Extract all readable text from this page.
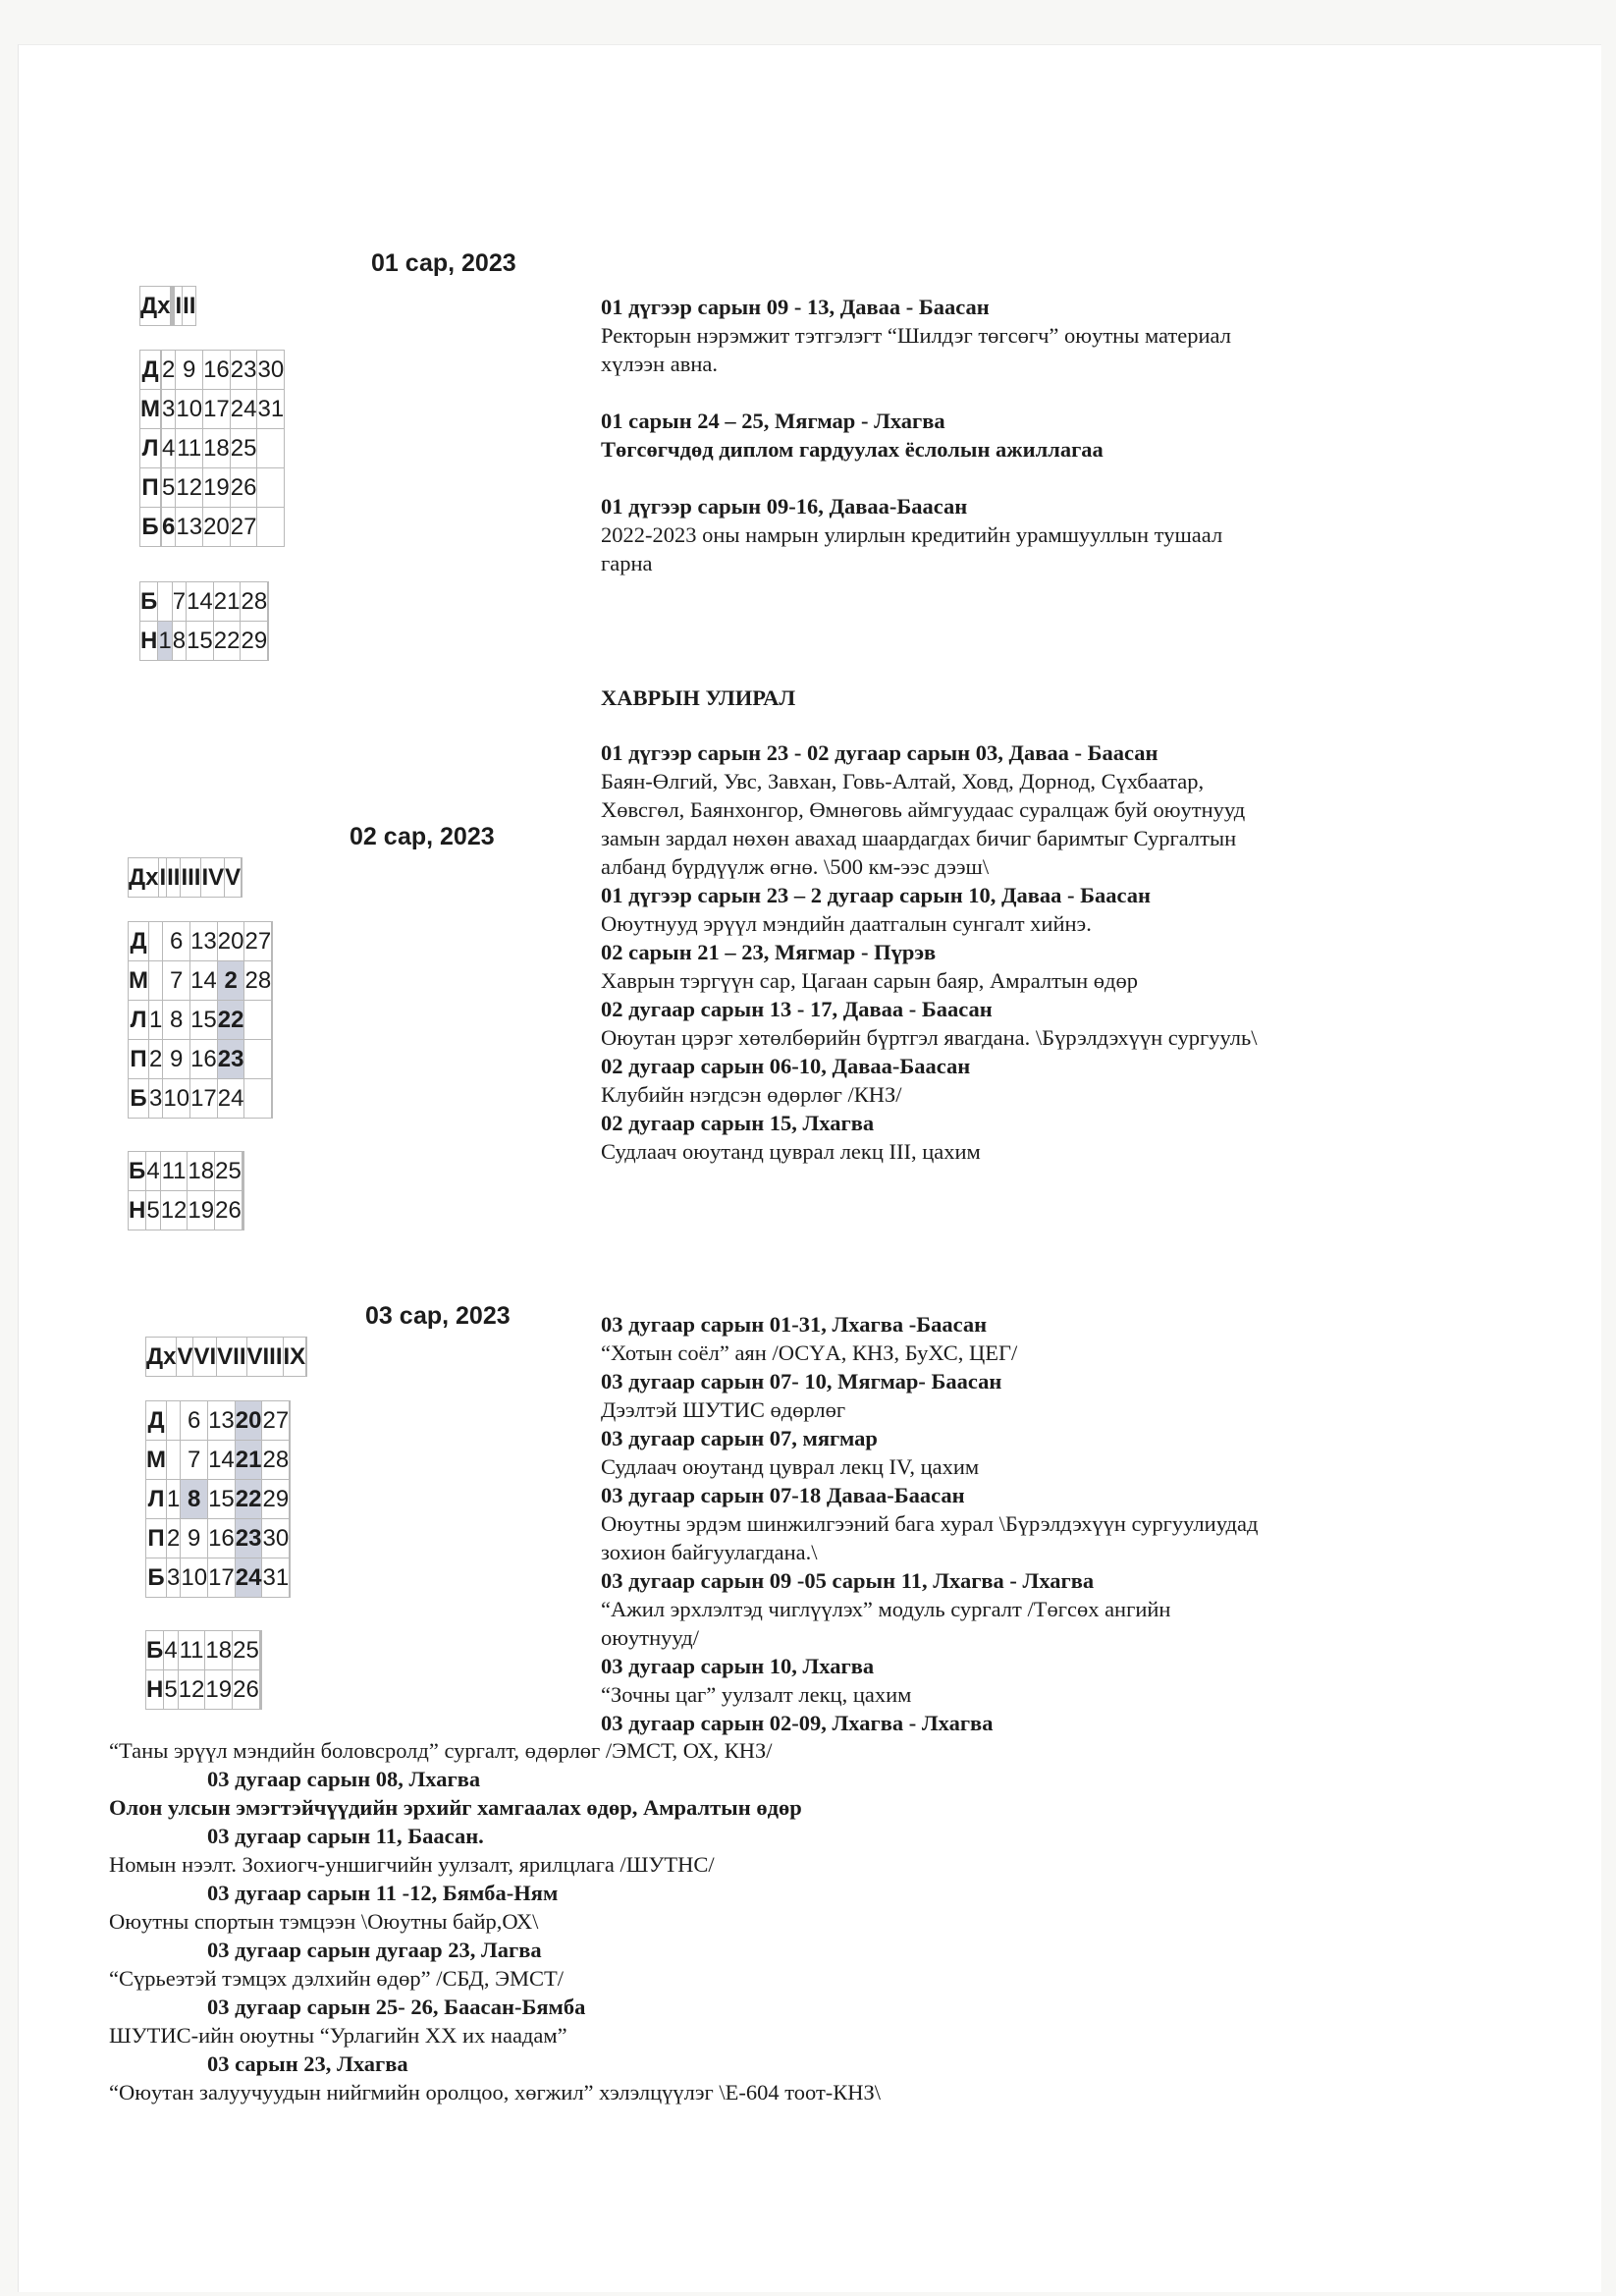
01 сар, 2023
Дх					I	II
Д		2	9	16	23	30
М		3	10	17	24	31
Л		4	11	18	25	
П		5	12	19	26	
Б		6	13	20	27	
Б		7	14	21	28	
Н	1	8	15	22	29	
02 сар, 2023
Дх	I	II	III	IV	V	
Д		6	13	20	27	
М		7	14	2	28	
Л	1	8	15	22		
П	2	9	16	23		
Б	3	10	17	24		
Б	4	11	18	25		
Н	5	12	19	26		
03 сар, 2023
Дх	V	VI	VII	VIII	IX	
Д		6	13	20	27	
М		7	14	21	28	
Л	1	8	15	22	29	
П	2	9	16	23	30	
Б	3	10	17	24	31	
Б	4	11	18	25		
Н	5	12	19	26		
01 дүгээр сарын 09 - 13, Даваа - Баасан
Ректорын нэрэмжит тэтгэлэгт “Шилдэг төгсөгч” оюутны материал
хүлээн авна.
01 сарын 24 – 25, Мягмар - Лхагва
Төгсөгчдөд диплом гардуулах ёслолын ажиллагаа
01 дүгээр сарын 09-16, Даваа-Баасан
2022-2023 оны намрын улирлын кредитийн урамшууллын тушаал
гарна
ХАВРЫН УЛИРАЛ
01 дүгээр сарын 23 - 02 дугаар сарын 03, Даваа - Баасан
Баян-Өлгий, Увс, Завхан, Говь-Алтай, Ховд, Дорнод, Сүхбаатар,
Хөвсгөл, Баянхонгор, Өмнөговь аймгуудаас суралцаж буй оюутнууд
замын зардал нөхөн авахад шаардагдах бичиг баримтыг Сургалтын
албанд бүрдүүлж өгнө. \500 км-ээс дээш\
01 дүгээр сарын 23 – 2 дугаар сарын 10, Даваа - Баасан
Оюутнууд эрүүл мэндийн даатгалын сунгалт хийнэ.
02 сарын 21 – 23, Мягмар - Пүрэв
Хаврын тэргүүн сар, Цагаан сарын баяр, Амралтын өдөр
02 дугаар сарын 13 - 17, Даваа - Баасан
Оюутан цэрэг хөтөлбөрийн бүртгэл явагдана. \Бүрэлдэхүүн сургууль\
02 дугаар сарын 06-10, Даваа-Баасан
Клубийн нэгдсэн өдөрлөг /КНЗ/
02 дугаар сарын 15, Лхагва
Судлаач оюутанд цуврал лекц III, цахим
03 дугаар сарын 01-31, Лхагва -Баасан
“Хотын соёл” аян /ОСҮА, КНЗ, БуХС, ЦЕГ/
03 дугаар сарын 07- 10, Мягмар- Баасан
Дээлтэй ШУТИС өдөрлөг
03 дугаар сарын 07, мягмар
Судлаач оюутанд цуврал лекц IV, цахим
03 дугаар сарын 07-18 Даваа-Баасан
Оюутны эрдэм шинжилгээний бага хурал \Бүрэлдэхүүн сургуулиудад
зохион байгуулагдана.\
03 дугаар сарын 09 -05 сарын 11, Лхагва - Лхагва
“Ажил эрхлэлтэд чиглүүлэх” модуль сургалт /Төгсөх ангийн
оюутнууд/
03 дугаар сарын 10, Лхагва
“Зочны цаг” уулзалт лекц, цахим
03 дугаар сарын 02-09, Лхагва - Лхагва
“Таны эрүүл мэндийн боловсролд” сургалт, өдөрлөг /ЭМСТ, ОХ, КНЗ/
03 дугаар сарын 08, Лхагва
Олон улсын эмэгтэйчүүдийн эрхийг хамгаалах өдөр, Амралтын өдөр
03 дугаар сарын 11, Баасан.
Номын нээлт. Зохиогч-уншигчийн уулзалт, ярилцлага /ШУТНС/
03 дугаар сарын 11 -12, Бямба-Ням
Оюутны спортын тэмцээн \Оюутны байр,ОХ\
03 дугаар сарын дугаар 23, Лагва
“Сүрьеэтэй тэмцэх дэлхийн өдөр” /СБД, ЭМСТ/
03 дугаар сарын 25- 26, Баасан-Бямба
ШУТИС-ийн оюутны “Урлагийн XX их наадам”
03 сарын 23, Лхагва
“Оюутан залуучуудын нийгмийн оролцоо, хөгжил” хэлэлцүүлэг \Е-604 тоот-КНЗ\
